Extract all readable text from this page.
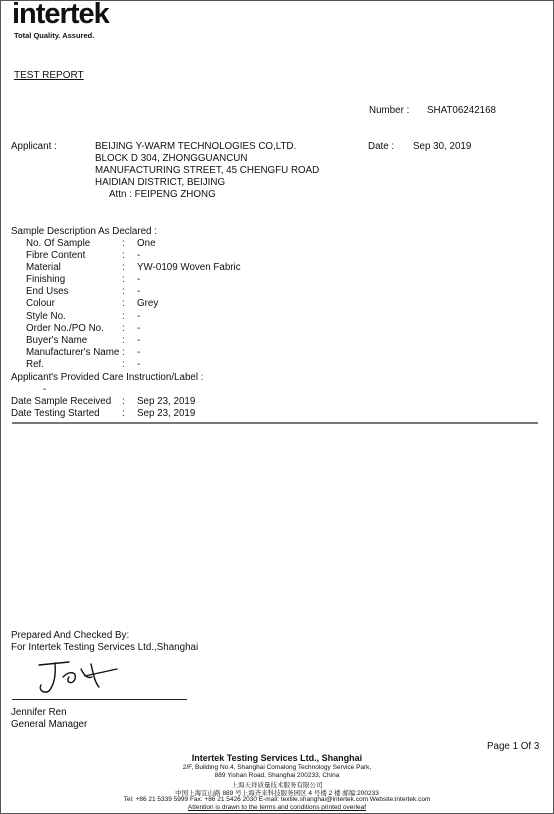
intertek
Total Quality. Assured.
TEST REPORT
Number : SHAT06242168
Applicant :	BEIJING Y-WARM TECHNOLOGIES CO,LTD.
BLOCK D 304, ZHONGGUANCUN
MANUFACTURING STREET, 45 CHENGFU ROAD
HAIDIAN DISTRICT, BEIJING
Attn : FEIPENG ZHONG
Date : Sep 30, 2019
Sample Description As Declared :
No. Of Sample	: One
Fibre Content	: -
Material	: YW-0109 Woven Fabric
Finishing	: -
End Uses	: -
Colour	: Grey
Style No.	: -
Order No./PO No. : -
Buyer's Name	: -
Manufacturer's Name : -
Ref.	: -
Applicant's Provided Care Instruction/Label :
-
Date Sample Received : Sep 23, 2019
Date Testing Started : Sep 23, 2019
Prepared And Checked By:
For Intertek Testing Services Ltd.,Shanghai
Jennifer Ren
General Manager
Page 1 Of 3
Intertek Testing Services Ltd., Shanghai
2/F, Building No.4, Shanghai Comalong Technology Service Park,
889 Yishan Road, Shanghai 200233, China
上海天祥质量技术服务有限公司
中国上海宜山路 889 号上海齐来科技服务园区 4 号楼 2 楼 邮编:200233
Tel: +86 21 5339 5999 Fax: +86 21 5426 2030 E-mail: textile.shanghai@intertek.com Website:intertek.com
Attention is drawn to the terms and conditions printed overleaf
